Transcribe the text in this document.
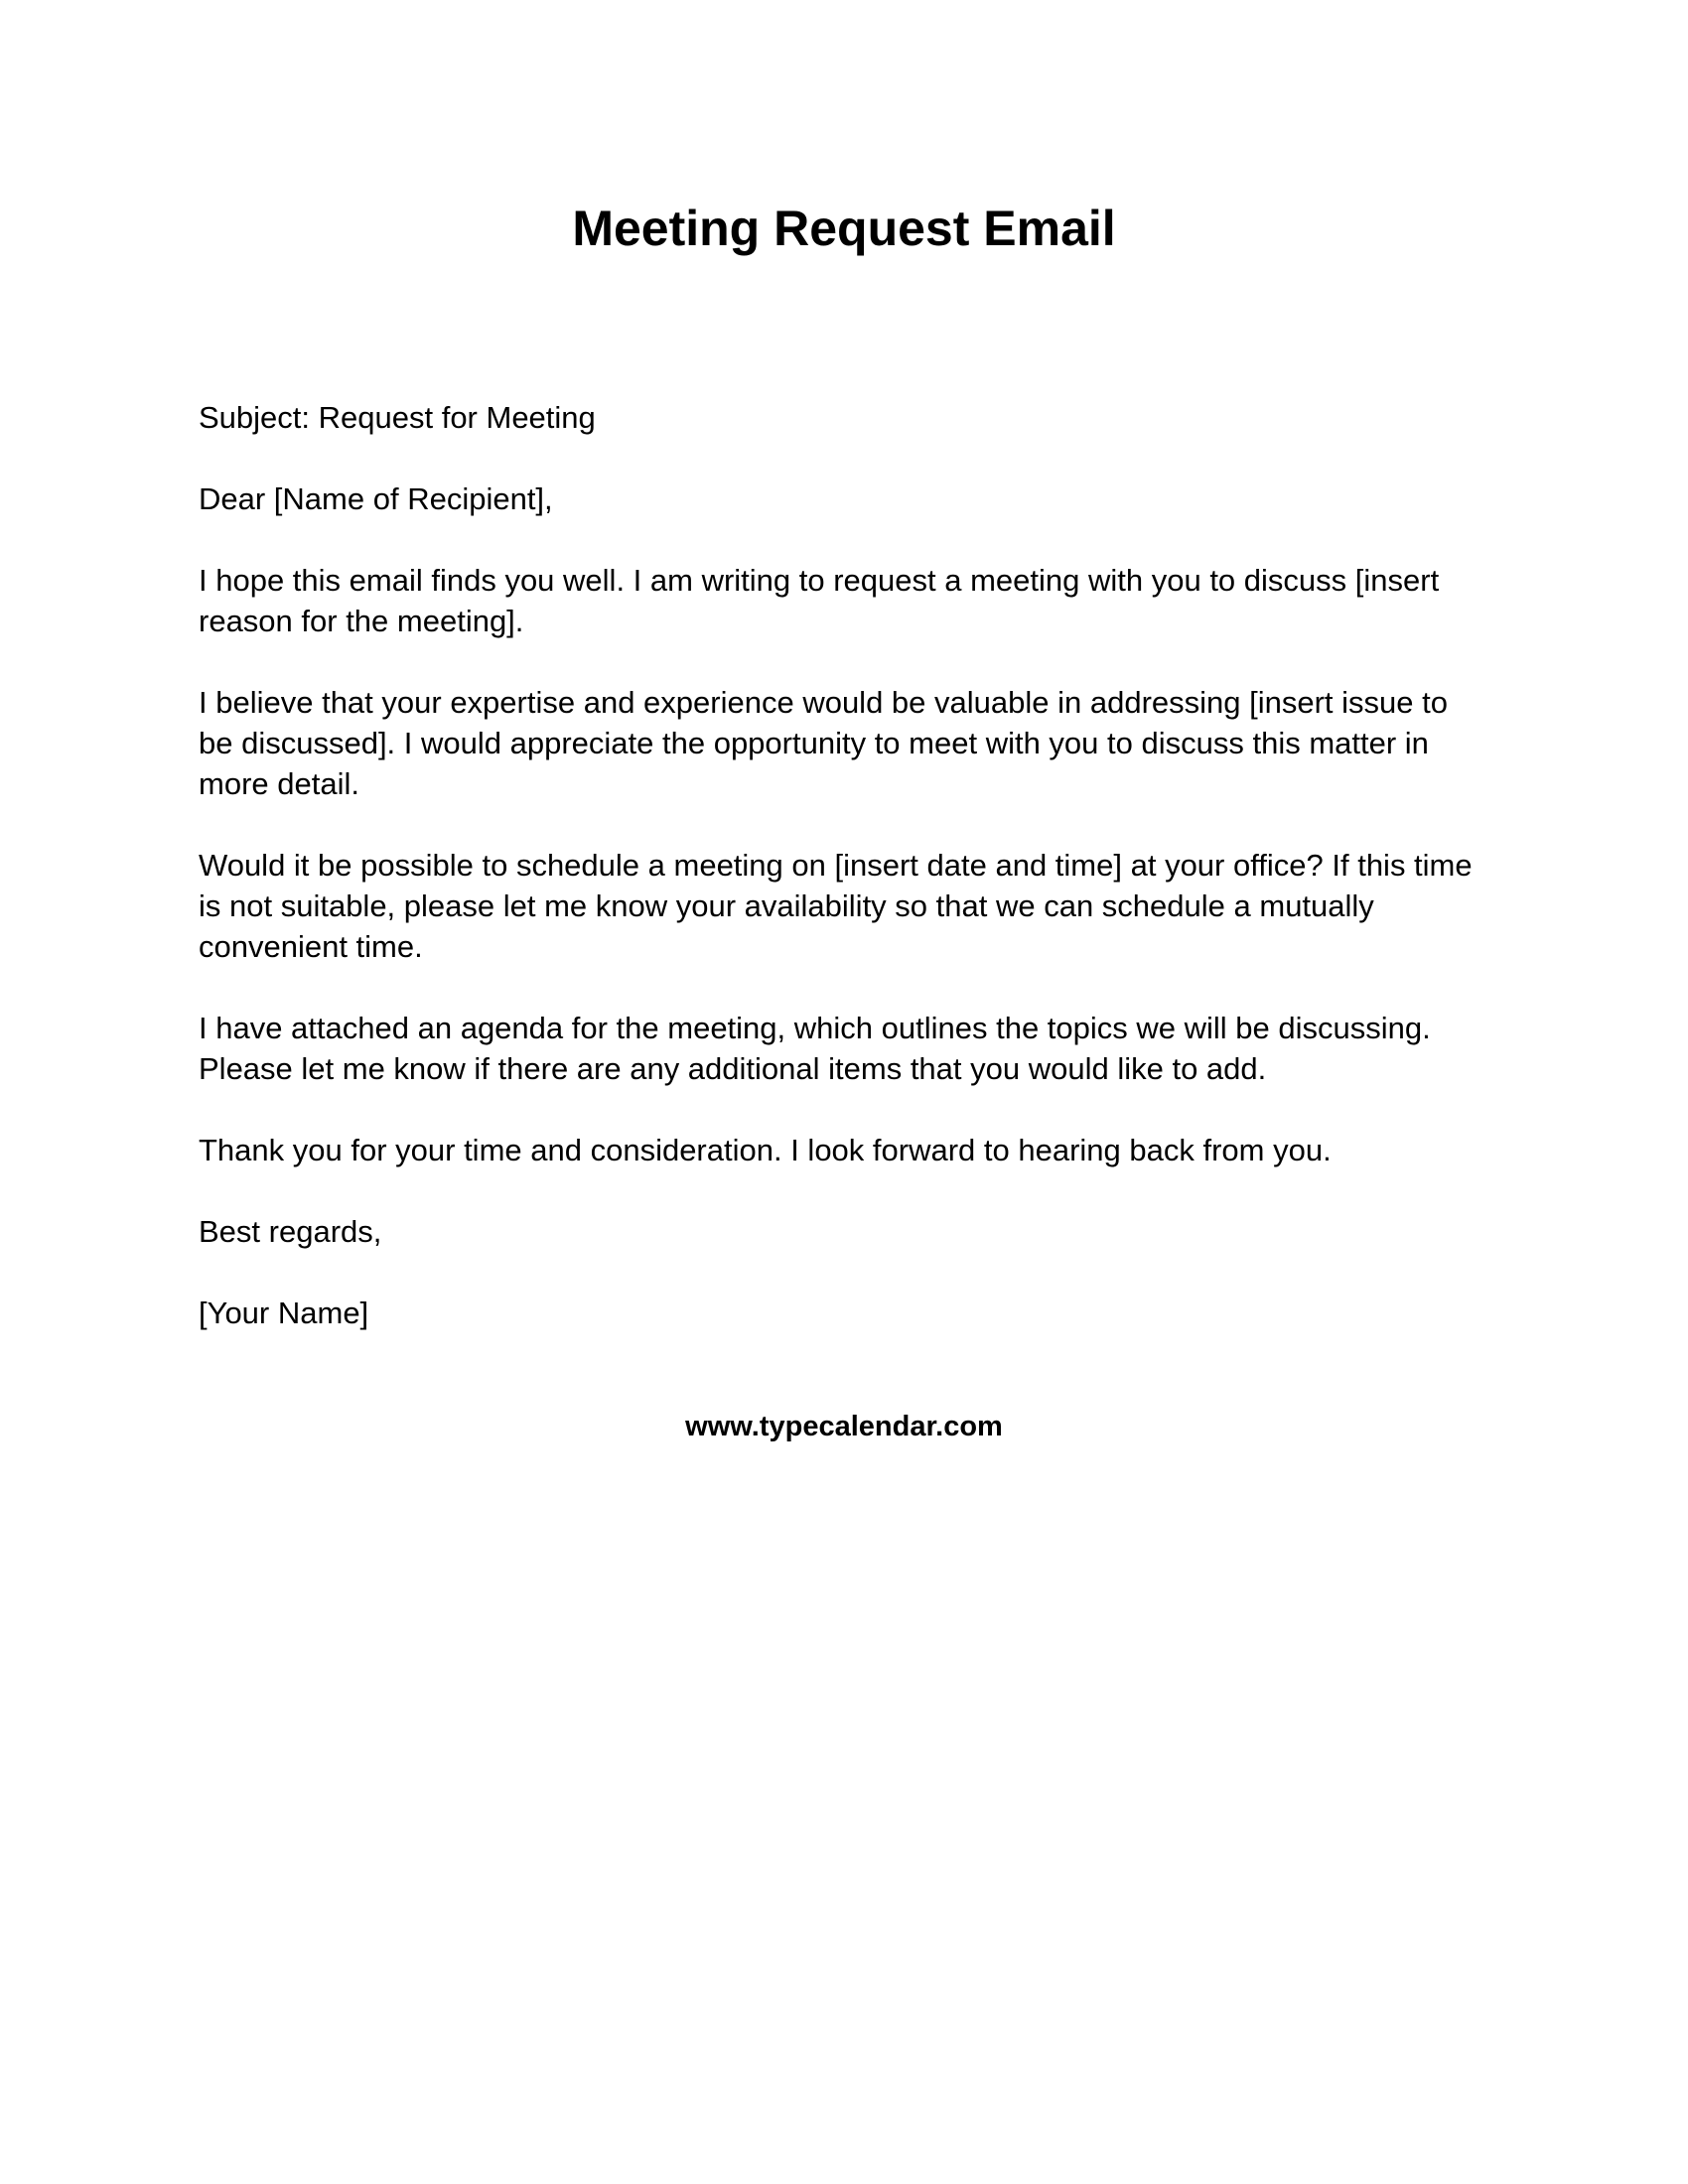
Meeting Request Email

Subject: Request for Meeting

Dear [Name of Recipient],

I hope this email finds you well. I am writing to request a meeting with you to discuss [insert reason for the meeting].

I believe that your expertise and experience would be valuable in addressing [insert issue to be discussed]. I would appreciate the opportunity to meet with you to discuss this matter in more detail.

Would it be possible to schedule a meeting on [insert date and time] at your office? If this time is not suitable, please let me know your availability so that we can schedule a mutually convenient time.

I have attached an agenda for the meeting, which outlines the topics we will be discussing. Please let me know if there are any additional items that you would like to add.

Thank you for your time and consideration. I look forward to hearing back from you.

Best regards,

[Your Name]

www.typecalendar.com
